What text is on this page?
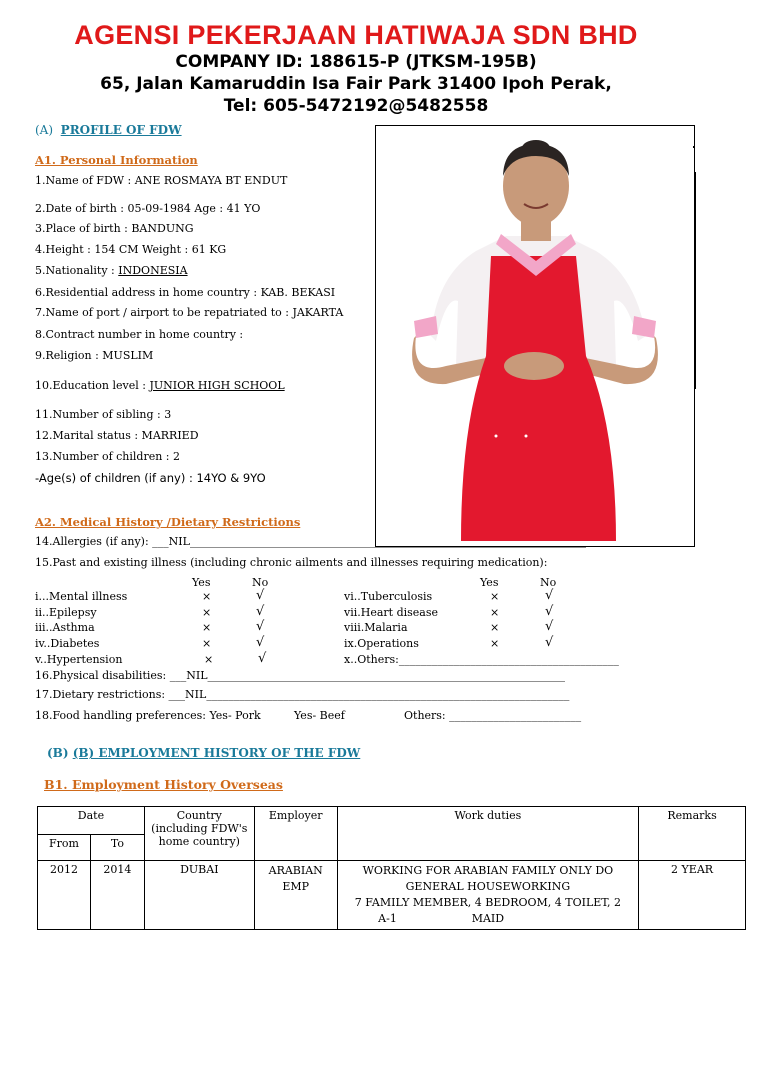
AGENSI PEKERJAAN HATIWAJA SDN BHD
COMPANY ID: 188615-P (JTKSM-195B)
65, Jalan Kamaruddin Isa Fair Park 31400 Ipoh Perak,
Tel: 605-5472192@5482558
(A) PROFILE OF FDW
A1. Personal Information
1.Name of FDW : ANE ROSMAYA BT ENDUT
2.Date of birth : 05-09-1984 Age : 41 YO
3.Place of birth : BANDUNG
4.Height : 154 CM Weight : 61 KG
5.Nationality : INDONESIA
6.Residential address in home country : KAB. BEKASI
7.Name of port / airport to be repatriated to : JAKARTA
8.Contract number in home country :
9.Religion : MUSLIM
10.Education level : JUNIOR HIGH SCHOOL
11.Number of sibling : 3
12.Marital status : MARRIED
13.Number of children : 2
-Age(s) of children (if any) : 14YO & 9YO
A2. Medical History /Dietary Restrictions
14.Allergies (if any): ___NIL________________________________________________________________________
15.Past and existing illness (including chronic ailments and illnesses requiring medication):
Yes	No	Yes	No
i...Mental illness	×	√
ii..Epilepsy	×	√
iii..Asthma	×	√
iv..Diabetes	×	√
v..Hypertension	×	√
vi..Tuberculosis	×	√
vii.Heart disease	×	√
viii.Malaria	×	√
ix.Operations	×	√
x..Others:________________________________________
16.Physical disabilities: ___NIL_________________________________________________________________
17.Dietary restrictions: ___NIL__________________________________________________________________
18.Food handling preferences: Yes- Pork	Yes- Beef	Others: ________________________
(B) (B) EMPLOYMENT HISTORY OF THE FDW
B1. Employment History Overseas
Date		Country (including FDW's home country)	Employer	Work duties	Remarks
From	To				
2012	2014	DUBAI	ARABIAN EMP	WORKING FOR ARABIAN FAMILY ONLY DO GENERAL HOUSEWORKING
7 FAMILY MEMBER, 4 BEDROOM, 4 TOILET, 2 MAID	2 YEAR
A-1
